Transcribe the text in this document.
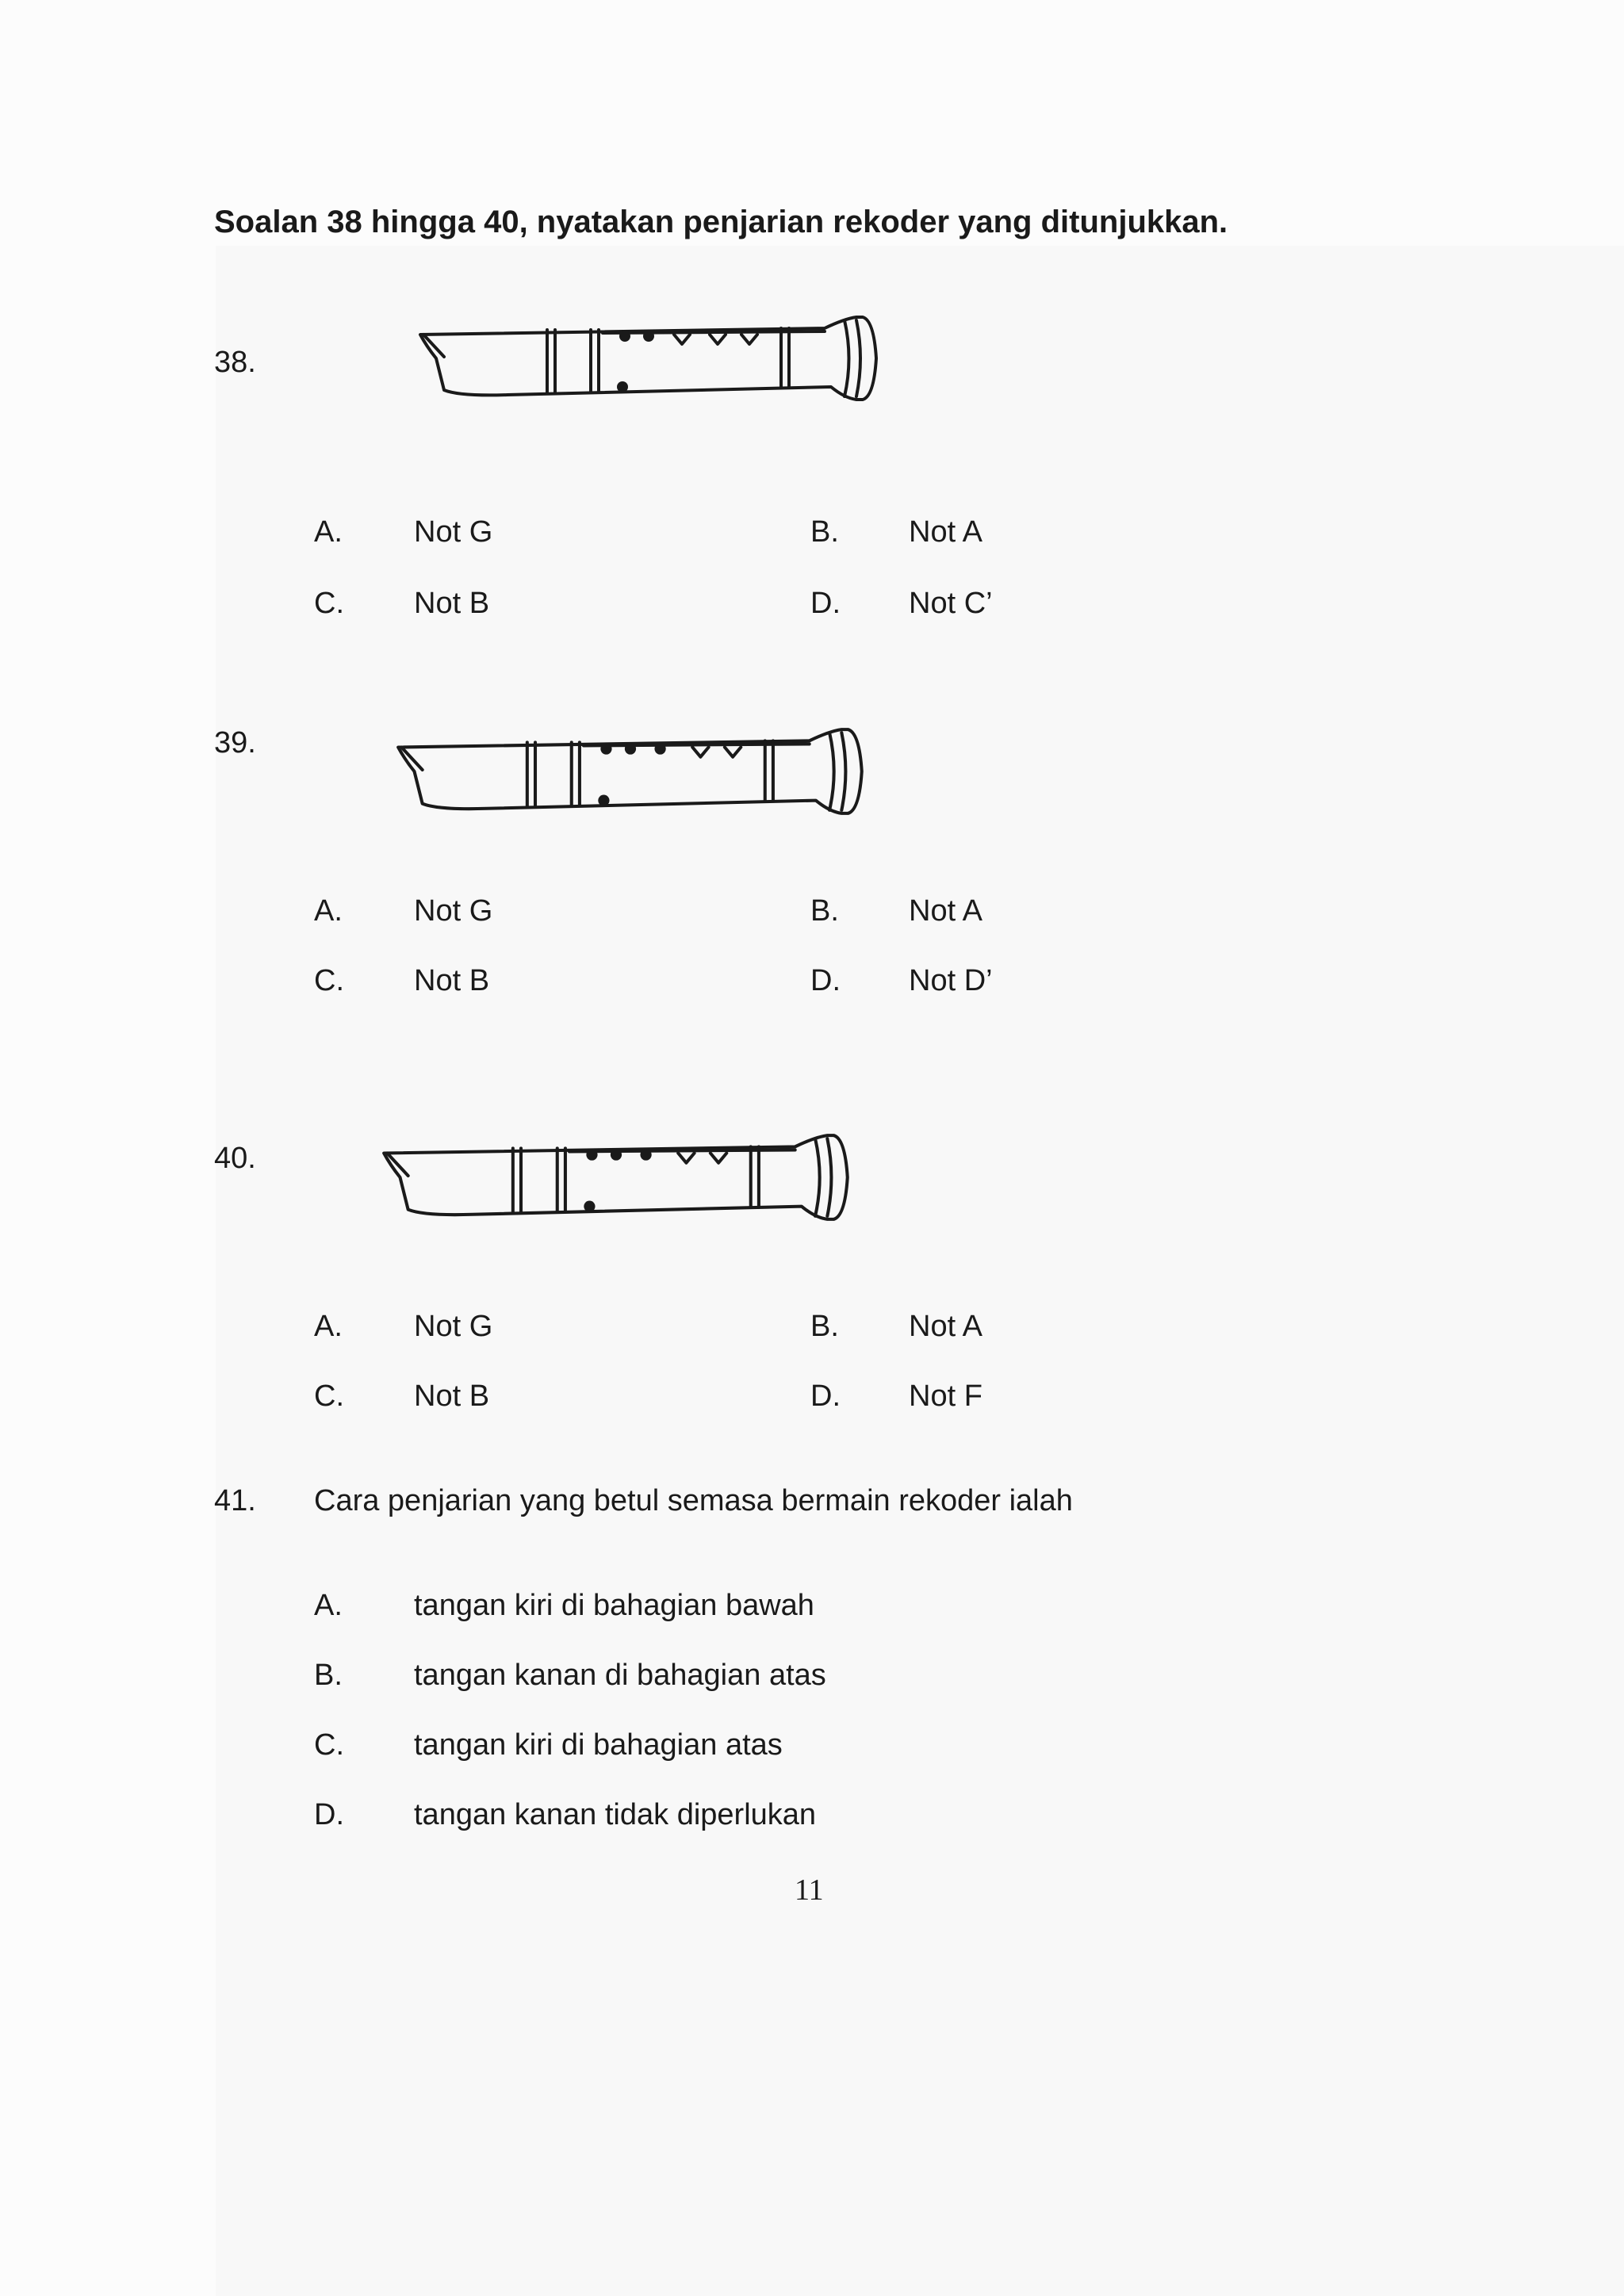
Soalan 38 hingga 40, nyatakan penjarian rekoder yang ditunjukkan.
38.
A. Not G	B. Not A
C. Not B	D. Not C’
39.
A. Not G	B. Not A
C. Not B	D. Not D’
40.
A. Not G	B. Not A
C. Not B	D. Not F
41. Cara penjarian yang betul semasa bermain rekoder ialah
A. tangan kiri di bahagian bawah
B. tangan kanan di bahagian atas
C. tangan kiri di bahagian atas
D. tangan kanan tidak diperlukan
11
